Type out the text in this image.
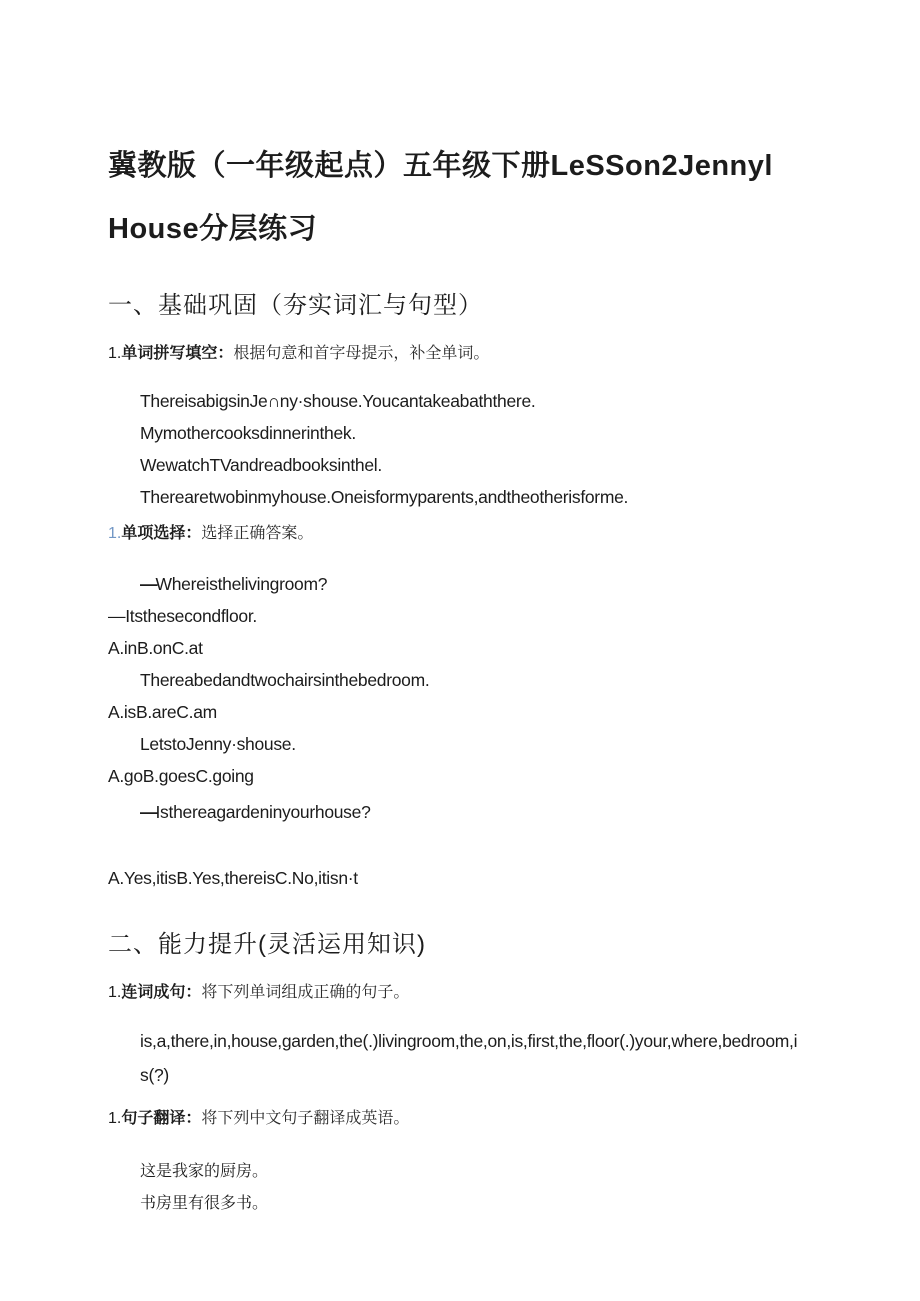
冀教版（一年级起点）五年级下册LeSSon2Jennyl
House分层练习
一、基础巩固（夯实词汇与句型）
1.单词拼写填空：根据句意和首字母提示，补全单词。
ThereisabigsinJe∩ny·shouse.Youcantakeabaththere.
Mymothercooksdinnerinthek.
WewatchTVandreadbooksinthel.
Therearetwobinmyhouse.Oneisformyparents,andtheotherisforme.
1.单项选择：选择正确答案。
—Whereisthelivingroom?
—Itsthesecondfloor.
A.inB.onC.at
Thereabedandtwochairsinthebedroom.
A.isB.areC.am
LetstoJenny·shouse.
A.goB.goesC.going
—Isthereagardeninyourhouse?
A.Yes,itisB.Yes,thereisC.No,itisn·t
二、能力提升(灵活运用知识)
1.连词成句：将下列单词组成正确的句子。
is,a,there,in,house,garden,the(.)livingroom,the,on,is,first,the,floor(.)your,where,bedroom,i
s(?)
1.句子翻译：将下列中文句子翻译成英语。
这是我家的厨房。
书房里有很多书。
